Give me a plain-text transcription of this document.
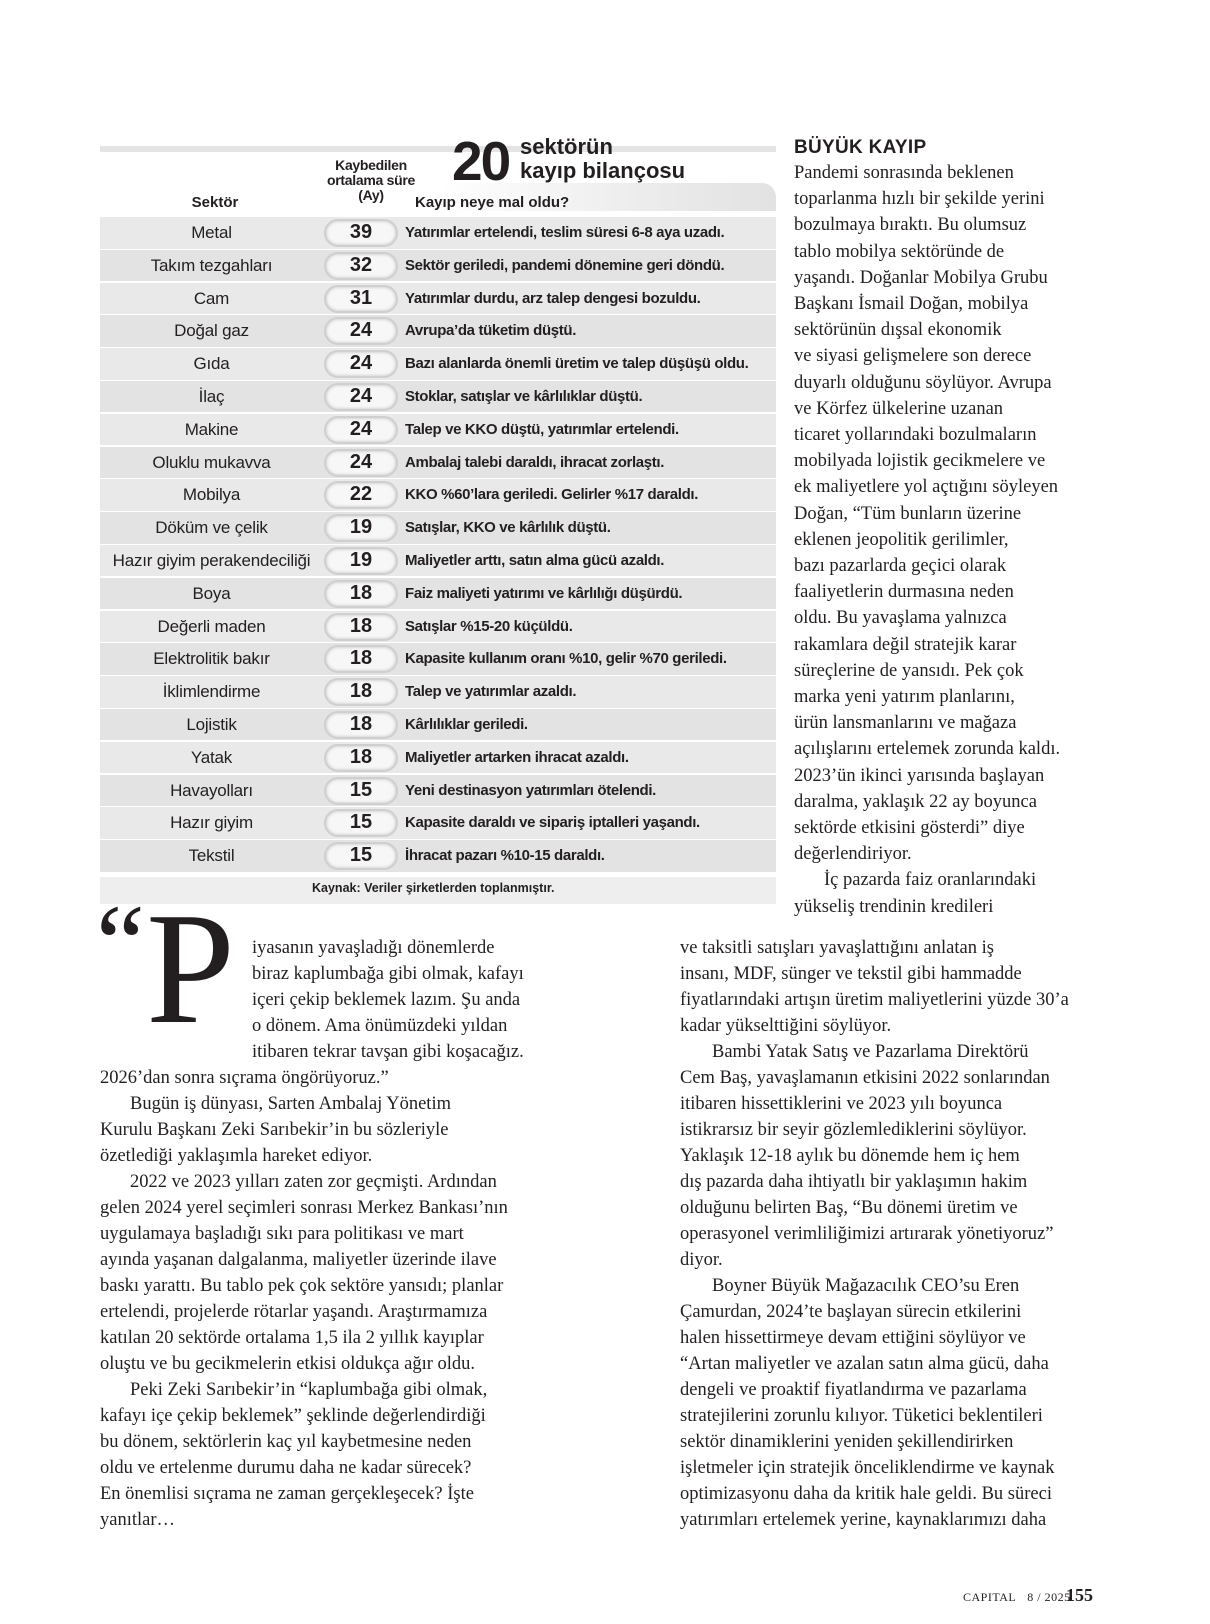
20 sektörün
kayıp bilançosu
Kaybedilen ortalama süre (Ay)
Sektör	Kayıp neye mal oldu?
Metal	39	Yatırımlar ertelendi, teslim süresi 6-8 aya uzadı.
Takım tezgahları	32	Sektör geriledi, pandemi dönemine geri döndü.
Cam	31	Yatırımlar durdu, arz talep dengesi bozuldu.
Doğal gaz	24	Avrupa’da tüketim düştü.
Gıda	24	Bazı alanlarda önemli üretim ve talep düşüşü oldu.
İlaç	24	Stoklar, satışlar ve kârlılıklar düştü.
Makine	24	Talep ve KKO düştü, yatırımlar ertelendi.
Oluklu mukavva	24	Ambalaj talebi daraldı, ihracat zorlaştı.
Mobilya	22	KKO %60’lara geriledi. Gelirler %17 daraldı.
Döküm ve çelik	19	Satışlar, KKO ve kârlılık düştü.
Hazır giyim perakendeciliği	19	Maliyetler arttı, satın alma gücü azaldı.
Boya	18	Faiz maliyeti yatırımı ve kârlılığı düşürdü.
Değerli maden	18	Satışlar %15-20 küçüldü.
Elektrolitik bakır	18	Kapasite kullanım oranı %10, gelir %70 geriledi.
İklimlendirme	18	Talep ve yatırımlar azaldı.
Lojistik	18	Kârlılıklar geriledi.
Yatak	18	Maliyetler artarken ihracat azaldı.
Havayolları	15	Yeni destinasyon yatırımları ötelendi.
Hazır giyim	15	Kapasite daraldı ve sipariş iptalleri yaşandı.
Tekstil	15	İhracat pazarı %10-15 daraldı.
Kaynak: Veriler şirketlerden toplanmıştır.
BÜYÜK KAYIP
Pandemi sonrasında beklenen
toparlanma hızlı bir şekilde yerini
bozulmaya bıraktı. Bu olumsuz
tablo mobilya sektöründe de
yaşandı. Doğanlar Mobilya Grubu
Başkanı İsmail Doğan, mobilya
sektörünün dışsal ekonomik
ve siyasi gelişmelere son derece
duyarlı olduğunu söylüyor. Avrupa
ve Körfez ülkelerine uzanan
ticaret yollarındaki bozulmaların
mobilyada lojistik gecikmelere ve
ek maliyetlere yol açtığını söyleyen
Doğan, “Tüm bunların üzerine
eklenen jeopolitik gerilimler,
bazı pazarlarda geçici olarak
faaliyetlerin durmasına neden
oldu. Bu yavaşlama yalnızca
rakamlara değil stratejik karar
süreçlerine de yansıdı. Pek çok
marka yeni yatırım planlarını,
ürün lansmanlarını ve mağaza
açılışlarını ertelemek zorunda kaldı.
2023’ün ikinci yarısında başlayan
daralma, yaklaşık 22 ay boyunca
sektörde etkisini gösterdi” diye
değerlendiriyor.
İç pazarda faiz oranlarındaki
yükseliş trendinin kredileri
ve taksitli satışları yavaşlattığını anlatan iş
insanı, MDF, sünger ve tekstil gibi hammadde
fiyatlarındaki artışın üretim maliyetlerini yüzde 30’a
kadar yükselttiğini söylüyor.
Bambi Yatak Satış ve Pazarlama Direktörü
Cem Baş, yavaşlamanın etkisini 2022 sonlarından
itibaren hissettiklerini ve 2023 yılı boyunca
istikrarsız bir seyir gözlemlediklerini söylüyor.
Yaklaşık 12-18 aylık bu dönemde hem iç hem
dış pazarda daha ihtiyatlı bir yaklaşımın hakim
olduğunu belirten Baş, “Bu dönemi üretim ve
operasyonel verimliliğimizi artırarak yönetiyoruz”
diyor.
Boyner Büyük Mağazacılık CEO’su Eren
Çamurdan, 2024’te başlayan sürecin etkilerini
halen hissettirmeye devam ettiğini söylüyor ve
“Artan maliyetler ve azalan satın alma gücü, daha
dengeli ve proaktif fiyatlandırma ve pazarlama
stratejilerini zorunlu kılıyor. Tüketici beklentileri
sektör dinamiklerini yeniden şekillendirirken
işletmeler için stratejik önceliklendirme ve kaynak
optimizasyonu daha da kritik hale geldi. Bu süreci
yatırımları ertelemek yerine, kaynaklarımızı daha
“ P iyasanın yavaşladığı dönemlerde
biraz kaplumbağa gibi olmak, kafayı
içeri çekip beklemek lazım. Şu anda
o dönem. Ama önümüzdeki yıldan
itibaren tekrar tavşan gibi koşacağız.
2026’dan sonra sıçrama öngörüyoruz.”
Bugün iş dünyası, Sarten Ambalaj Yönetim
Kurulu Başkanı Zeki Sarıbekir’in bu sözleriyle
özetlediği yaklaşımla hareket ediyor.
2022 ve 2023 yılları zaten zor geçmişti. Ardından
gelen 2024 yerel seçimleri sonrası Merkez Bankası’nın
uygulamaya başladığı sıkı para politikası ve mart
ayında yaşanan dalgalanma, maliyetler üzerinde ilave
baskı yarattı. Bu tablo pek çok sektöre yansıdı; planlar
ertelendi, projelerde rötarlar yaşandı. Araştırmamıza
katılan 20 sektörde ortalama 1,5 ila 2 yıllık kayıplar
oluştu ve bu gecikmelerin etkisi oldukça ağır oldu.
Peki Zeki Sarıbekir’in “kaplumbağa gibi olmak,
kafayı içe çekip beklemek” şeklinde değerlendirdiği
bu dönem, sektörlerin kaç yıl kaybetmesine neden
oldu ve ertelenme durumu daha ne kadar sürecek?
En önemlisi sıçrama ne zaman gerçekleşecek? İşte
yanıtlar…
CAPITAL 8 / 2025
155
